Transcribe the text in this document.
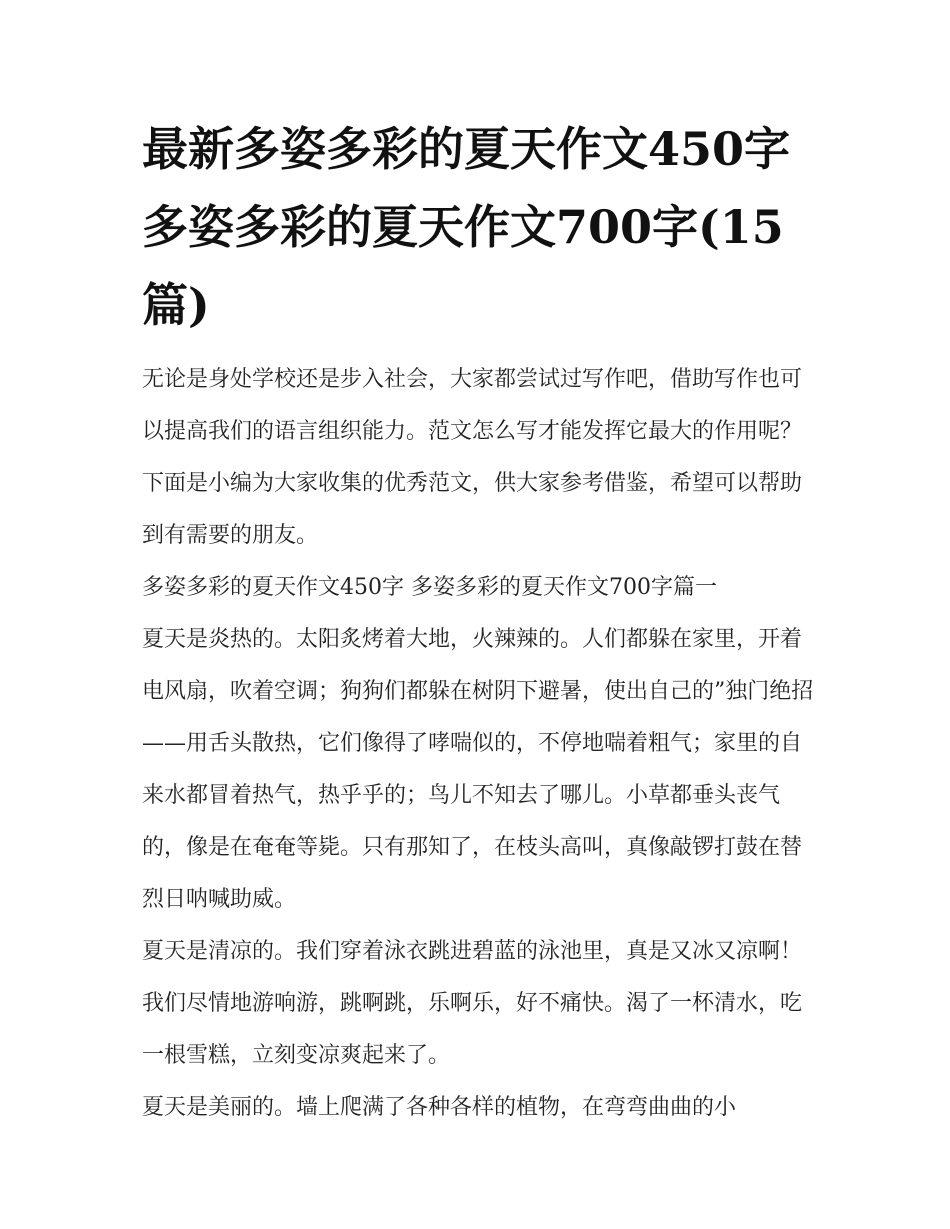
最新多姿多彩的夏天作文450字 多姿多彩的夏天作文700字(15篇)

无论是身处学校还是步入社会，大家都尝试过写作吧，借助写作也可以提高我们的语言组织能力。范文怎么写才能发挥它最大的作用呢？下面是小编为大家收集的优秀范文，供大家参考借鉴，希望可以帮助到有需要的朋友。

多姿多彩的夏天作文450字 多姿多彩的夏天作文700字篇一

夏天是炎热的。太阳炙烤着大地，火辣辣的。人们都躲在家里，开着电风扇，吹着空调；狗狗们都躲在树阴下避暑，使出自己的”独门绝招——用舌头散热，它们像得了哮喘似的，不停地喘着粗气；家里的自来水都冒着热气，热乎乎的；鸟儿不知去了哪儿。小草都垂头丧气的，像是在奄奄等毙。只有那知了，在枝头高叫，真像敲锣打鼓在替烈日呐喊助威。

夏天是清凉的。我们穿着泳衣跳进碧蓝的泳池里，真是又冰又凉啊！我们尽情地游响游，跳啊跳，乐啊乐，好不痛快。渴了一杯清水，吃一根雪糕，立刻变凉爽起来了。

夏天是美丽的。墙上爬满了各种各样的植物，在弯弯曲曲的小
